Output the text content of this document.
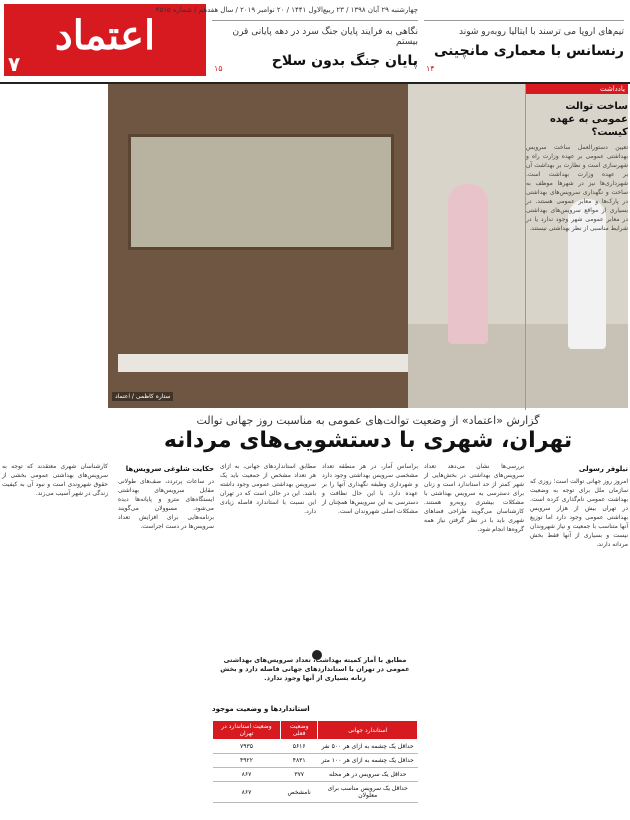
اعتماد
۷
چهارشنبه ۲۹ آبان ۱۳۹۸ / ۲۳ ربیع‌الاول ۱۴۴۱ / ۲۰ نوامبر ۲۰۱۹ / سال هفدهم / شماره ۴۵۱۵
نگاهی به فرایند پایان جنگ سرد در دهه پایانی قرن بیستم
پایان جنگ بدون سلاح
۱۵
تیم‌های اروپا می ترسند با ایتالیا روبه‌رو شوند
رنسانس با معماری مانچینی
۱۴
ستاره کاظمی / اعتماد
یادداشت
ساخت توالت عمومی به عهده کیست؟
تعیین دستورالعمل ساخت سرویس بهداشتی عمومی بر عهده وزارت راه و شهرسازی است و نظارت بر بهداشت آن بر عهده وزارت بهداشت است. شهرداری‌ها نیز در شهرها موظف به ساخت و نگهداری سرویس‌های بهداشتی در پارک‌ها و معابر عمومی هستند. در بسیاری از مواقع سرویس‌های بهداشتی در معابر عمومی شهر وجود ندارد یا در شرایط مناسبی از نظر بهداشتی نیستند.
گزارش «اعتماد» از وضعیت توالت‌های عمومی به مناسبت روز جهانی توالت
تهران، شهری با دستشویی‌های مردانه
نیلوفر رسولی
امروز روز جهانی توالت است؛ روزی که سازمان ملل برای توجه به وضعیت بهداشت عمومی نام‌گذاری کرده است. در تهران بیش از هزار سرویس بهداشتی عمومی وجود دارد اما توزیع آنها متناسب با جمعیت و نیاز شهروندان نیست و بسیاری از آنها فقط بخش مردانه دارند.
بررسی‌ها نشان می‌دهد تعداد سرویس‌های بهداشتی در بخش‌هایی از شهر کمتر از حد استاندارد است و زنان برای دسترسی به سرویس بهداشتی با مشکلات بیشتری روبه‌رو هستند. کارشناسان می‌گویند طراحی فضاهای شهری باید با در نظر گرفتن نیاز همه گروه‌ها انجام شود.
براساس آمار، در هر منطقه تعداد مشخصی سرویس بهداشتی وجود دارد و شهرداری وظیفه نگهداری آنها را بر عهده دارد. با این حال نظافت و دسترسی به این سرویس‌ها همچنان از مشکلات اصلی شهروندان است.
مطابق استانداردهای جهانی، به ازای هر تعداد مشخص از جمعیت باید یک سرویس بهداشتی عمومی وجود داشته باشد. این در حالی است که در تهران این نسبت با استاندارد فاصله زیادی دارد.
حکایت شلوغی سرویس‌ها
در ساعات پرتردد، صف‌های طولانی مقابل سرویس‌های بهداشتی ایستگاه‌های مترو و پایانه‌ها دیده می‌شود. مسوولان می‌گویند برنامه‌هایی برای افزایش تعداد سرویس‌ها در دست اجراست.
کارشناسان شهری معتقدند که توجه به سرویس‌های بهداشتی عمومی بخشی از حقوق شهروندی است و نبود آن به کیفیت زندگی در شهر آسیب می‌زند.
مطابق با آمار کمیته بهداشت، تعداد سرویس‌های بهداشتی عمومی در تهران با استانداردهای جهانی فاصله دارد و بخش زنانه بسیاری از آنها وجود ندارد.
استانداردها و وضعیت موجود
استاندارد جهانی	وضعیت فعلی	وضعیت استاندارد در تهران
حداقل یک چشمه به ازای هر ۵۰۰ نفر	۵۶۱۶	۷۹۳۵
حداقل یک چشمه به ازای هر ۱۰۰ متر	۴۸۳۱	۴۹۲۲
حداقل یک سرویس در هر محله	۳۷۷	۸۶۷
حداقل یک سرویس مناسب برای معلولان	نامشخص	۸۶۷
